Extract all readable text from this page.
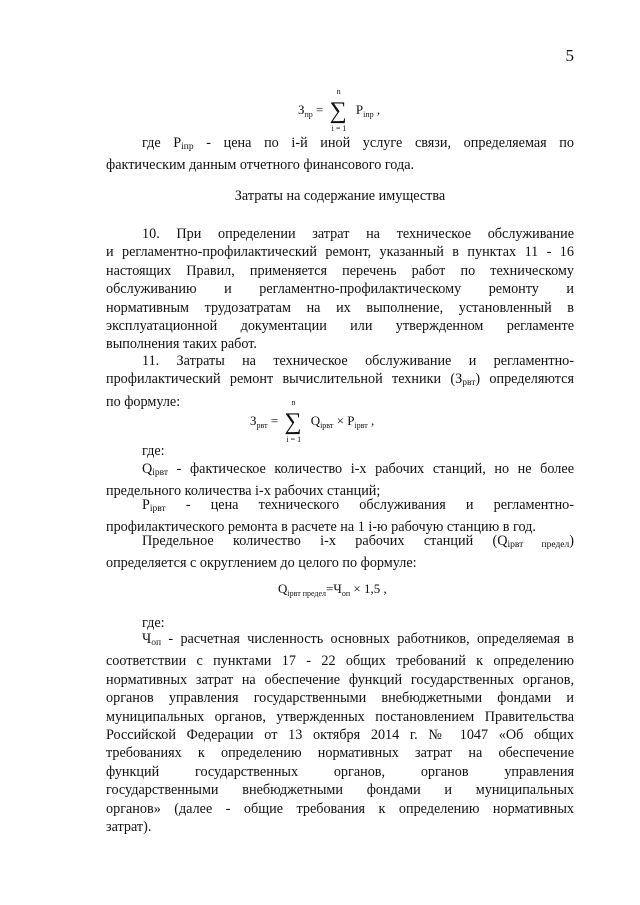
5
$З_{пр}$ =
n
∑
i = 1
$P_{iпр}$ ,
где $P_{iпр}$ - цена по i-й иной услуге связи, определяемая по
фактическим данным отчетного финансового года.
Затраты на содержание имущества
10. При определении затрат на техническое обслуживание
и регламентно-профилактический ремонт, указанный в пунктах 11 - 16
настоящих Правил, применяется перечень работ по техническому
обслуживанию и регламентно-профилактическому ремонту и
нормативным трудозатратам на их выполнение, установленный в
эксплуатационной документации или утвержденном регламенте
выполнения таких работ.
11. Затраты на техническое обслуживание и регламентно-
профилактический ремонт вычислительной техники $(З_{рвт})$ определяются
по формуле:
$З_{рвт}$ =
n
∑
i = 1
$Q_{iрвт} \times P_{iрвт}$ ,
где:
$Q_{iрвт}$ - фактическое количество i-х рабочих станций, но не более
предельного количества i-х рабочих станций;
$P_{iрвт}$ - цена технического обслуживания и регламентно-
профилактического ремонта в расчете на 1 i-ю рабочую станцию в год.
Предельное количество i-х рабочих станций $(Q_{iрвт предел})$
определяется с округлением до целого по формуле:
$Q_{iрвт предел}=Ч_{оп} \times 1,5$ ,
где:
$Ч_{оп}$ - расчетная численность основных работников, определяемая в
соответствии с пунктами 17 - 22 общих требований к определению
нормативных затрат на обеспечение функций государственных органов,
органов управления государственными внебюджетными фондами и
муниципальных органов, утвержденных постановлением Правительства
Российской Федерации от 13 октября 2014 г. № 1047 «Об общих
требованиях к определению нормативных затрат на обеспечение
функций государственных органов, органов управления
государственными внебюджетными фондами и муниципальных
органов» (далее - общие требования к определению нормативных
затрат).
